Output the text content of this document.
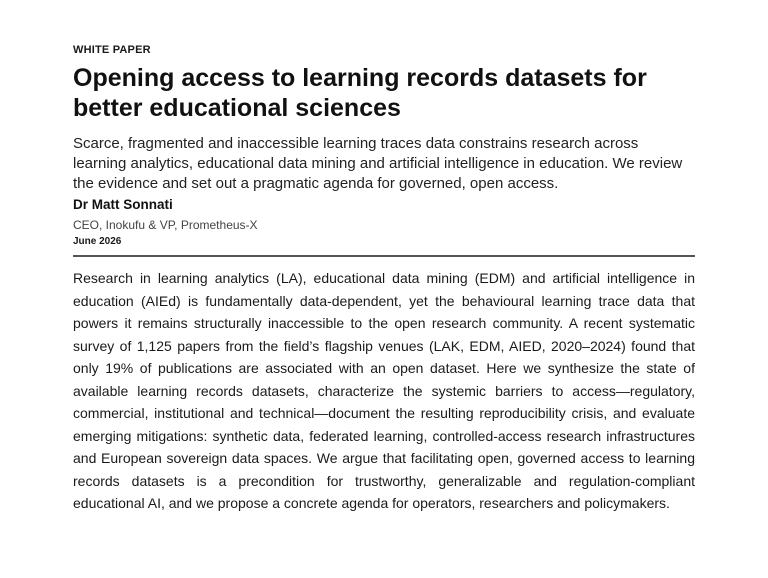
WHITE PAPER
Opening access to learning records datasets for better educational sciences

Scarce, fragmented and inaccessible learning traces data constrains research across learning analytics, educational data mining and artificial intelligence in education. We review the evidence and set out a pragmatic agenda for governed, open access.

Dr Matt Sonnati
CEO, Inokufu & VP, Prometheus-X
June 2026

Research in learning analytics (LA), educational data mining (EDM) and artificial intelligence in education (AIEd) is fundamentally data-dependent, yet the behavioural learning trace data that powers it remains structurally inaccessible to the open research community. A recent systematic survey of 1,125 papers from the field’s flagship venues (LAK, EDM, AIED, 2020–2024) found that only 19% of publications are associated with an open dataset. Here we synthesize the state of available learning records datasets, characterize the systemic barriers to access—regulatory, commercial, institutional and technical—document the resulting reproducibility crisis, and evaluate emerging mitigations: synthetic data, federated learning, controlled-access research infrastructures and European sovereign data spaces. We argue that facilitating open, governed access to learning records datasets is a precondition for trustworthy, generalizable and regulation-compliant educational AI, and we propose a concrete agenda for operators, researchers and policymakers.
